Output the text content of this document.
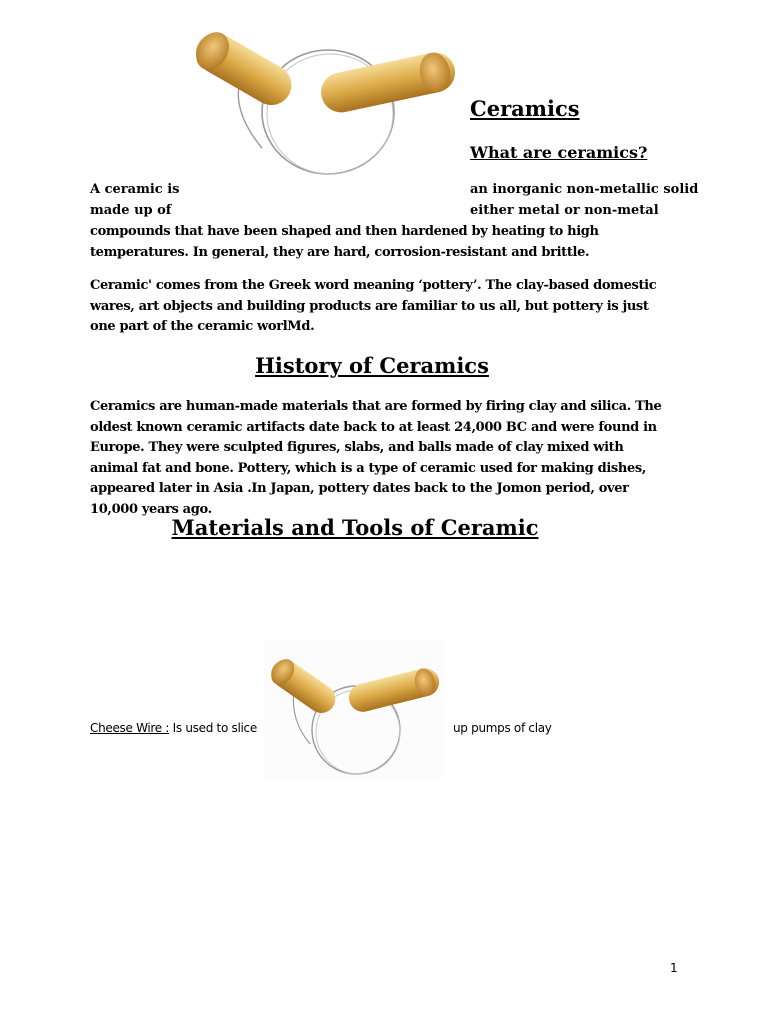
Ceramics
What are ceramics?
A ceramic is	an inorganic non-metallic solid
made up of	either metal or non-metal

compounds that have been shaped and then hardened by heating to high temperatures. In general, they are hard, corrosion-resistant and brittle.

Ceramic' comes from the Greek word meaning ‘pottery’. The clay-based domestic wares, art objects and building products are familiar to us all, but pottery is just one part of the ceramic worlMd.

History of Ceramics

Ceramics are human-made materials that are formed by firing clay and silica. The oldest known ceramic artifacts date back to at least 24,000 BC and were found in Europe. They were sculpted figures, slabs, and balls made of clay mixed with animal fat and bone. Pottery, which is a type of ceramic used for making dishes, appeared later in Asia .In Japan, pottery dates back to the Jomon period, over 10,000 years ago.

Materials and Tools of Ceramic
Cheese Wire : Is used to slice	up pumps of clay
1
